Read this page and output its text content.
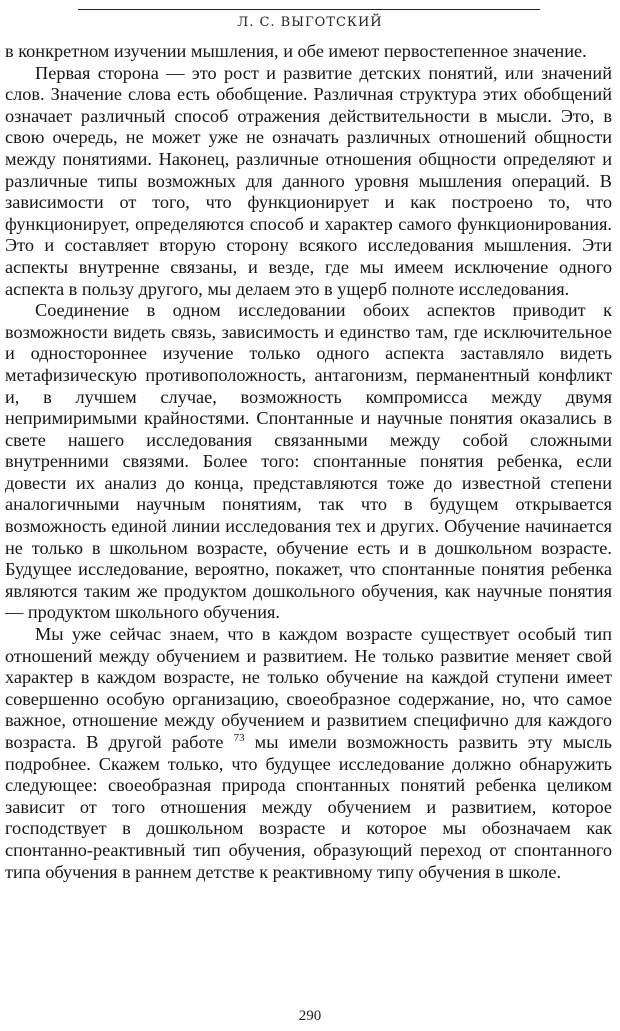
Л. С. ВЫГОТСКИЙ

в конкретном изучении мышления, и обе имеют первостепенное значение.

Первая сторона — это рост и развитие детских понятий, или значений слов. Значение слова есть обобщение. Различная структура этих обобщений означает различный способ отражения действительности в мысли. Это, в свою очередь, не может уже не означать различных отношений общности между понятиями. Наконец, различные отношения общности определяют и различные типы возможных для данного уровня мышления операций. В зависимости от того, что функционирует и как построено то, что функционирует, определяются способ и характер самого функционирования. Это и составляет вторую сторону всякого исследования мышления. Эти аспекты внутренне связаны, и везде, где мы имеем исключение одного аспекта в пользу другого, мы делаем это в ущерб полноте исследования.

Соединение в одном исследовании обоих аспектов приводит к возможности видеть связь, зависимость и единство там, где исключительное и одностороннее изучение только одного аспекта заставляло видеть метафизическую противоположность, антагонизм, перманентный конфликт и, в лучшем случае, возможность компромисса между двумя непримиримыми крайностями. Спонтанные и научные понятия оказались в свете нашего исследования связанными между собой сложными внутренними связями. Более того: спонтанные понятия ребенка, если довести их анализ до конца, представляются тоже до известной степени аналогичными научным понятиям, так что в будущем открывается возможность единой линии исследования тех и других. Обучение начинается не только в школьном возрасте, обучение есть и в дошкольном возрасте. Будущее исследование, вероятно, покажет, что спонтанные понятия ребенка являются таким же продуктом дошкольного обучения, как научные понятия — продуктом школьного обучения.

Мы уже сейчас знаем, что в каждом возрасте существует особый тип отношений между обучением и развитием. Не только развитие меняет свой характер в каждом возрасте, не только обучение на каждой ступени имеет совершенно особую организацию, своеобразное содержание, но, что самое важное, отношение между обучением и развитием специфично для каждого возраста. В другой работе $^{73}$ мы имели возможность развить эту мысль подробнее. Скажем только, что будущее исследование должно обнаружить следующее: своеобразная природа спонтанных понятий ребенка целиком зависит от того отношения между обучением и развитием, которое господствует в дошкольном возрасте и которое мы обозначаем как спонтанно-реактивный тип обучения, образующий переход от спонтанного типа обучения в раннем детстве к реактивному типу обучения в школе.

290
